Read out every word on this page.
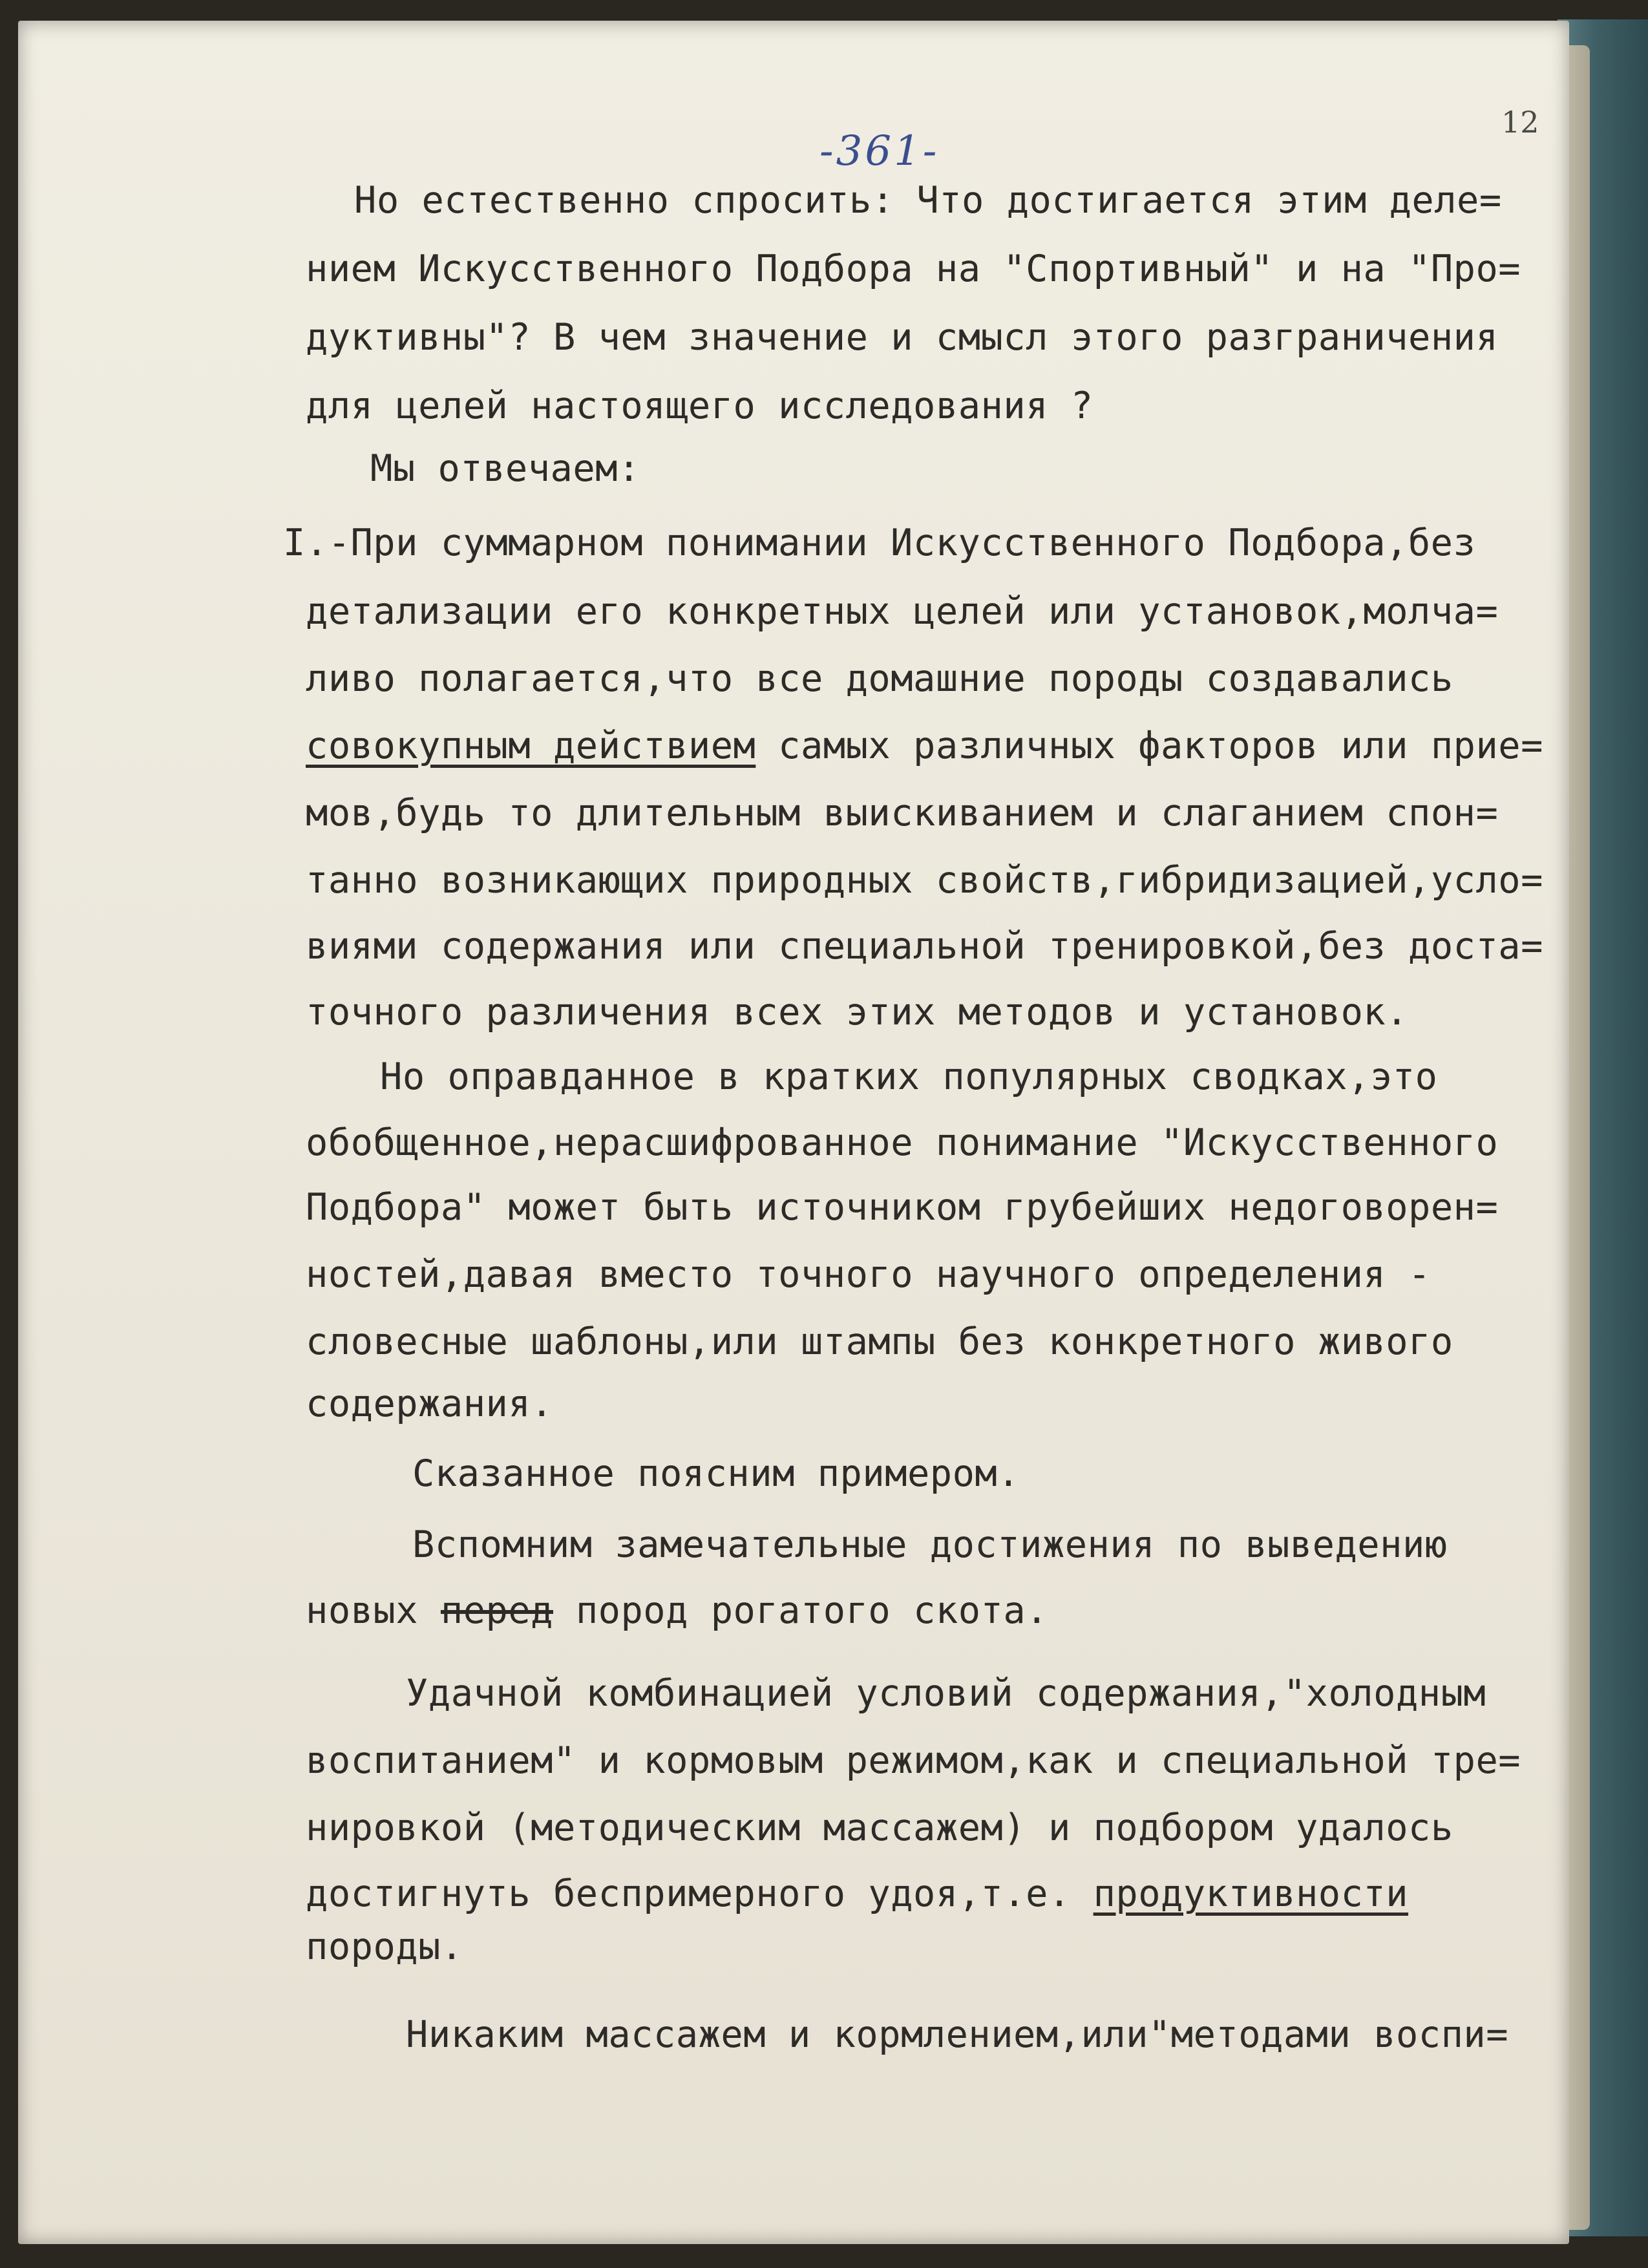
-361-
12
Но естественно спросить: Что достигается этим деле=
нием Искусственного Подбора на "Спортивный" и на "Про=
дуктивны"? В чем значение и смысл этого разграничения
для целей настоящего исследования ?
Мы отвечаем:
I.-При суммарном понимании Искусственного Подбора,без
детализации его конкретных целей или установок,молча=
ливо полагается,что все домашние породы создавались
совокупным действием самых различных факторов или прие=
мов,будь то длительным выискиванием и слаганием спон=
танно возникающих природных свойств,гибридизацией,усло=
виями содержания или специальной тренировкой,без доста=
точного различения всех этих методов и установок.
Но оправданное в кратких популярных сводках,это
обобщенное,нерасшифрованное понимание "Искусственного
Подбора" может быть источником грубейших недоговорен=
ностей,давая вместо точного научного определения -
словесные шаблоны,или штампы без конкретного живого
содержания.
Сказанное поясним примером.
Вспомним замечательные достижения по выведению
новых перед пород рогатого скота.
Удачной комбинацией условий содержания,"холодным
воспитанием" и кормовым режимом,как и специальной тре=
нировкой (методическим массажем) и подбором удалось
достигнуть беспримерного удоя,т.е. продуктивности
породы.
Никаким массажем и кормлением,или"методами воспи=
